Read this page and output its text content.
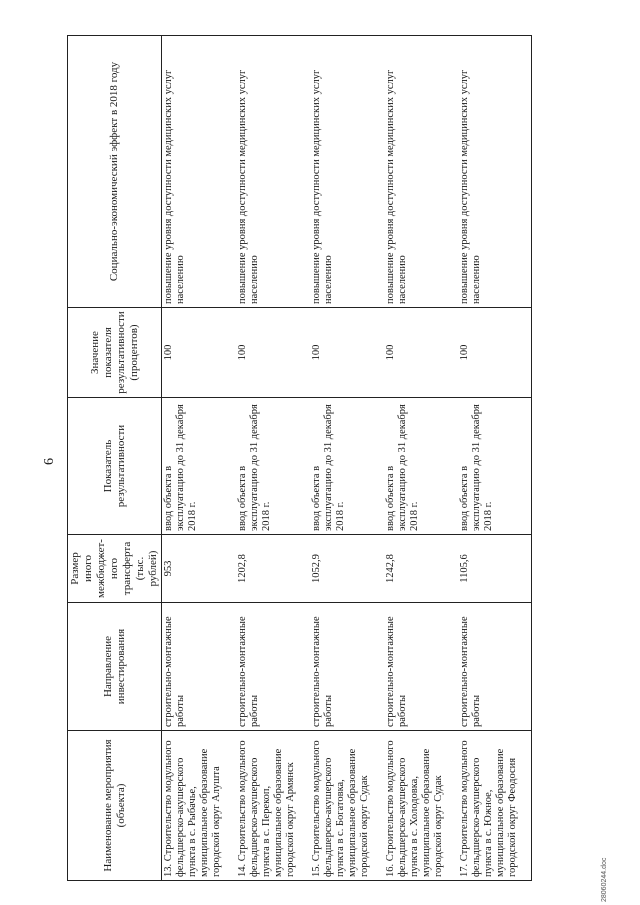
6
Наименование мероприятия (объекта)	Направление инвестирования	Размер иного межбюджет-ного трансферта (тыс. рублей)	Показатель результативности	Значение показателя результативности (процентов)	Социально-экономический эффект в 2018 году
13. Строительство модульного фельдшерско-акушерского пункта в с. Рыбачье, муниципальное образование городской округ Алушта	строительно-монтажные работы	953	ввод объекта в эксплуатацию до 31 декабря 2018 г.	100	повышение уровня доступности медицинских услуг населению
14. Строительство модульного фельдшерско-акушерского пункта в с. Перекоп, муниципальное образование городской округ Армянск	строительно-монтажные работы	1202,8	ввод объекта в эксплуатацию до 31 декабря 2018 г.	100	повышение уровня доступности медицинских услуг населению
15. Строительство модульного фельдшерско-акушерского пункта в с. Богатовка, муниципальное образование городской округ Судак	строительно-монтажные работы	1052,9	ввод объекта в эксплуатацию до 31 декабря 2018 г.	100	повышение уровня доступности медицинских услуг населению
16. Строительство модульного фельдшерско-акушерского пункта в с. Холодовка, муниципальное образование городской округ Судак	строительно-монтажные работы	1242,8	ввод объекта в эксплуатацию до 31 декабря 2018 г.	100	повышение уровня доступности медицинских услуг населению
17. Строительство модульного фельдшерско-акушерского пункта в с. Южное, муниципальное образование городской округ Феодосия	строительно-монтажные работы	1105,6	ввод объекта в эксплуатацию до 31 декабря 2018 г.	100	повышение уровня доступности медицинских услуг населению
28060244.doc
